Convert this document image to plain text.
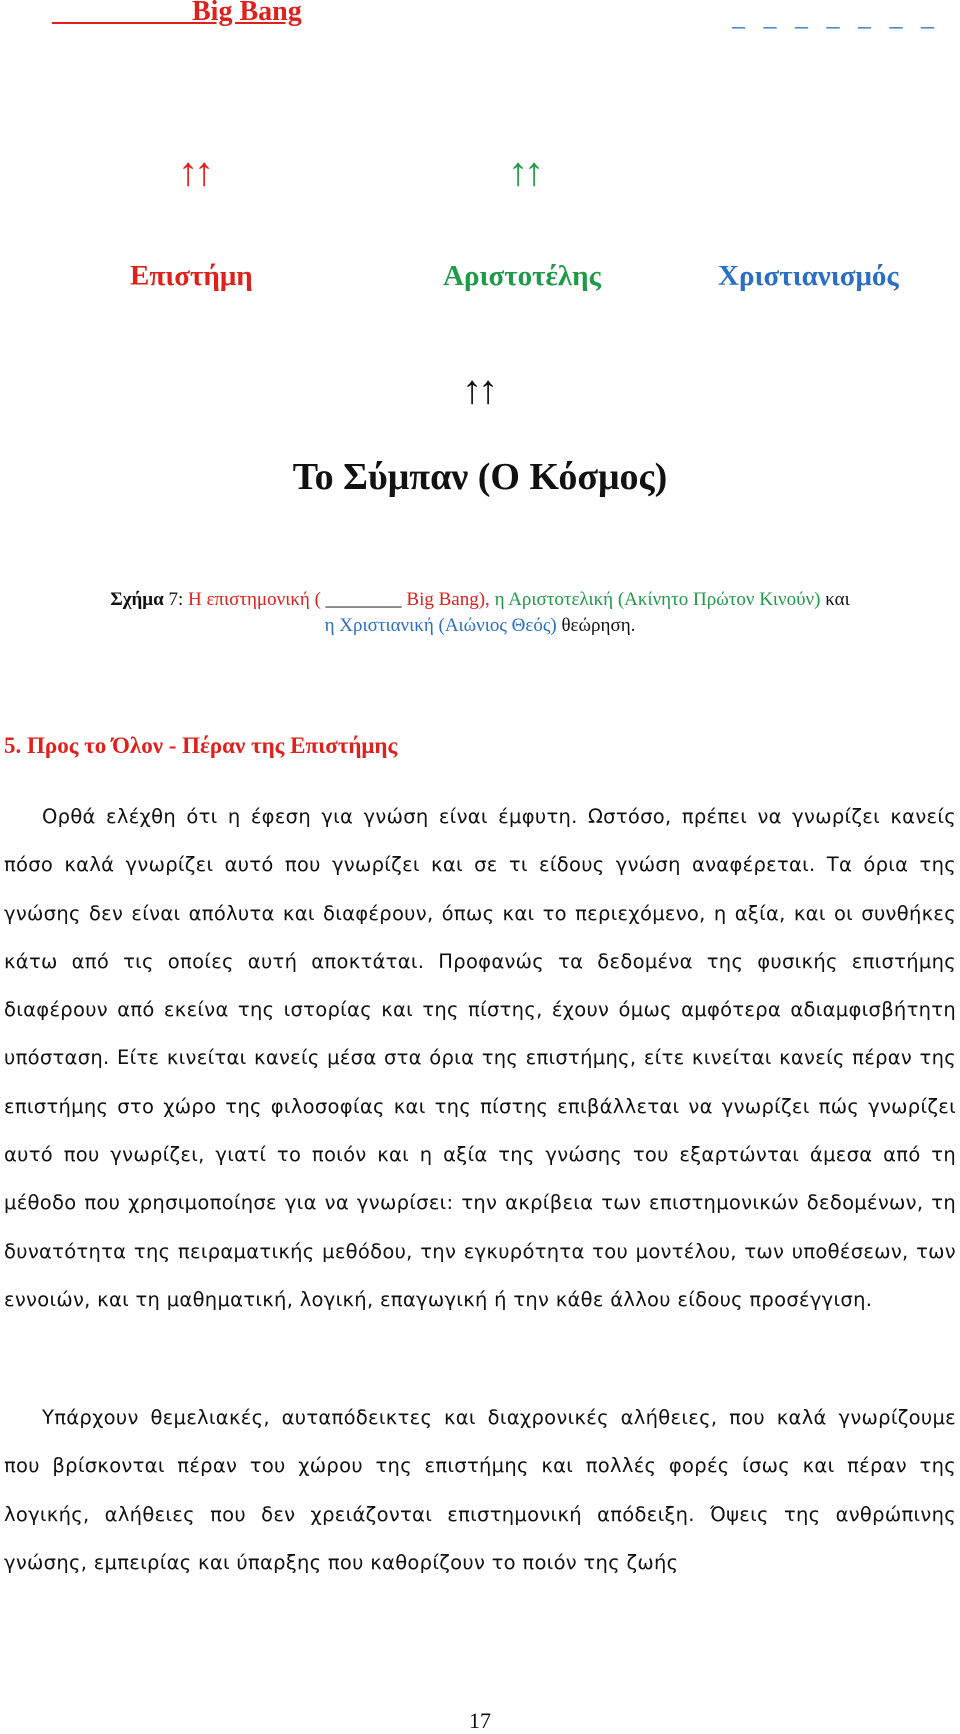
__________Big Bang	_ _ _ _ _ _ _
↑↑	↑↑
Επιστήμη	Αριστοτέλης	Χριστιανισμός
↑↑
Το Σύμπαν (Ο Κόσμος)
Σχήμα 7: Η επιστημονική ( ________ Big Bang), η Αριστοτελική (Ακίνητο Πρώτον Κινούν) και
η Χριστιανική (Αιώνιος Θεός) θεώρηση.
5. Προς το Όλον - Πέραν της Επιστήμης
Ορθά ελέχθη ότι η έφεση για γνώση είναι έμφυτη. Ωστόσο, πρέπει να γνωρίζει κανείς πόσο καλά γνωρίζει αυτό που γνωρίζει και σε τι είδους γνώση αναφέρεται. Τα όρια της γνώσης δεν είναι απόλυτα και διαφέρουν, όπως και το περιεχόμενο, η αξία, και οι συνθήκες κάτω από τις οποίες αυτή αποκτάται. Προφανώς τα δεδομένα της φυσικής επιστήμης διαφέρουν από εκείνα της ιστορίας και της πίστης, έχουν όμως αμφότερα αδιαμφισβήτητη υπόσταση. Είτε κινείται κανείς μέσα στα όρια της επιστήμης, είτε κινείται κανείς πέραν της επιστήμης στο χώρο της φιλοσοφίας και της πίστης επιβάλλεται να γνωρίζει πώς γνωρίζει αυτό που γνωρίζει, γιατί το ποιόν και η αξία της γνώσης του εξαρτώνται άμεσα από τη μέθοδο που χρησιμοποίησε για να γνωρίσει: την ακρίβεια των επιστημονικών δεδομένων, τη δυνατότητα της πειραματικής μεθόδου, την εγκυρότητα του μοντέλου, των υποθέσεων, των εννοιών, και τη μαθηματική, λογική, επαγωγική ή την κάθε άλλου είδους προσέγγιση.
Υπάρχουν θεμελιακές, αυταπόδεικτες και διαχρονικές αλήθειες, που καλά γνωρίζουμε που βρίσκονται πέραν του χώρου της επιστήμης και πολλές φορές ίσως και πέραν της λογικής, αλήθειες που δεν χρειάζονται επιστημονική απόδειξη. Όψεις της ανθρώπινης γνώσης, εμπειρίας και ύπαρξης που καθορίζουν το ποιόν της ζωής
17
